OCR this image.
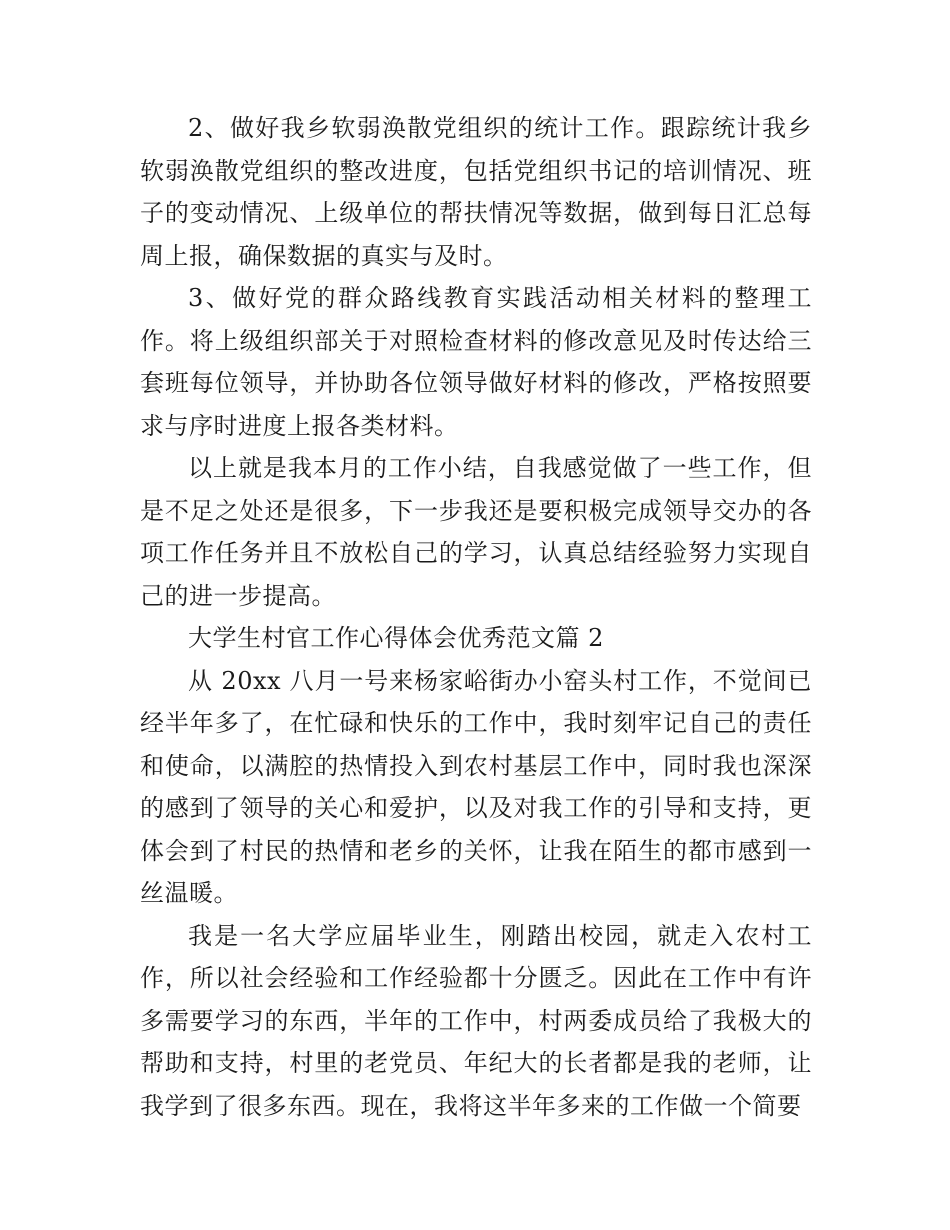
2、做好我乡软弱涣散党组织的统计工作。跟踪统计我乡软弱涣散党组织的整改进度，包括党组织书记的培训情况、班子的变动情况、上级单位的帮扶情况等数据，做到每日汇总每周上报，确保数据的真实与及时。

3、做好党的群众路线教育实践活动相关材料的整理工作。将上级组织部关于对照检查材料的修改意见及时传达给三套班每位领导，并协助各位领导做好材料的修改，严格按照要求与序时进度上报各类材料。

以上就是我本月的工作小结，自我感觉做了一些工作，但是不足之处还是很多，下一步我还是要积极完成领导交办的各项工作任务并且不放松自己的学习，认真总结经验努力实现自己的进一步提高。

大学生村官工作心得体会优秀范文篇 2

从 20xx 八月一号来杨家峪街办小窑头村工作，不觉间已经半年多了，在忙碌和快乐的工作中，我时刻牢记自己的责任和使命，以满腔的热情投入到农村基层工作中，同时我也深深的感到了领导的关心和爱护，以及对我工作的引导和支持，更体会到了村民的热情和老乡的关怀，让我在陌生的都市感到一丝温暖。

我是一名大学应届毕业生，刚踏出校园，就走入农村工作，所以社会经验和工作经验都十分匮乏。因此在工作中有许多需要学习的东西，半年的工作中，村两委成员给了我极大的帮助和支持，村里的老党员、年纪大的长者都是我的老师，让我学到了很多东西。现在，我将这半年多来的工作做一个简要
